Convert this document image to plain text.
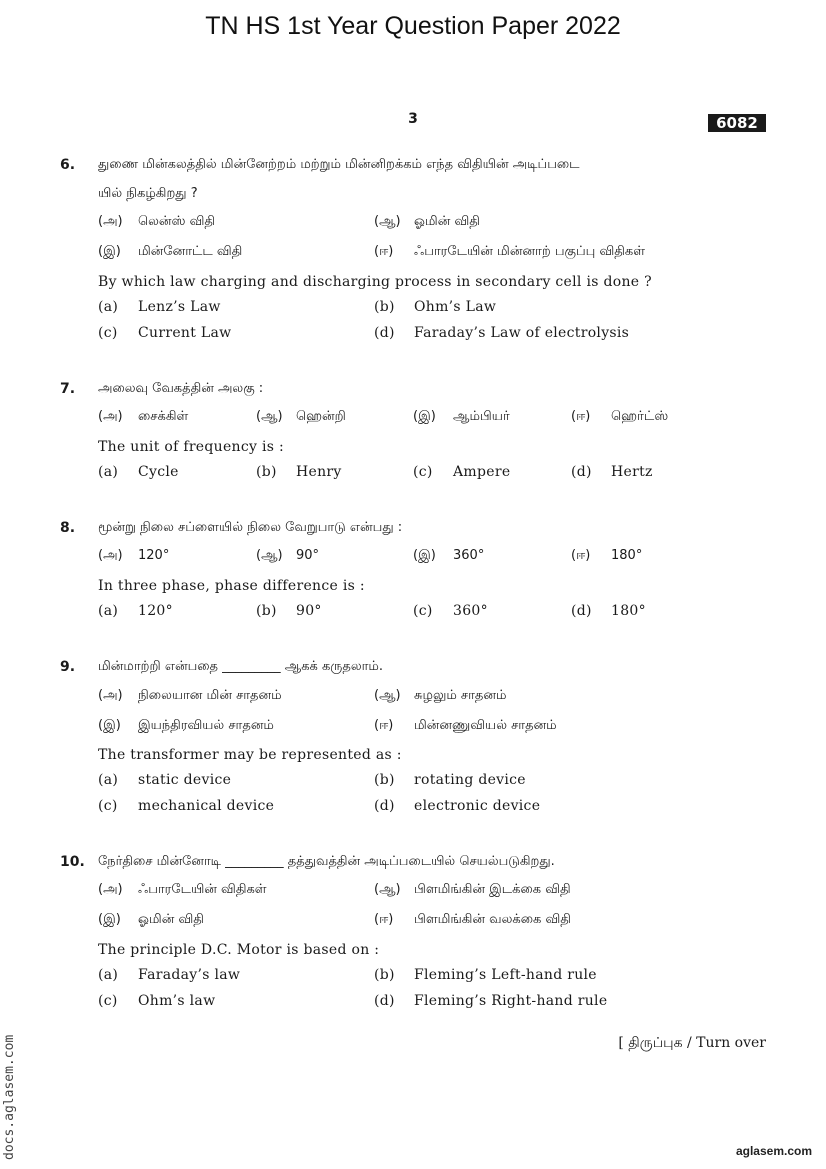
TN HS 1st Year Question Paper 2022
3	6082
6. துணை மின்கலத்தில் மின்னேற்றம் மற்றும் மின்னிறக்கம் எந்த விதியின் அடிப்படை
யில் நிகழ்கிறது ?
(அ) லென்ஸ் விதி	(ஆ) ஓமின் விதி
(இ) மின்னோட்ட விதி	(ஈ) ஃபாரடேயின் மின்னாற் பகுப்பு விதிகள்
By which law charging and discharging process in secondary cell is done ?
(a) Lenz’s Law	(b) Ohm’s Law
(c) Current Law	(d) Faraday’s Law of electrolysis
7. அலைவு வேகத்தின் அலகு :
(அ) சைக்கிள்	(ஆ) ஹென்றி	(இ) ஆம்பியர்	(ஈ) ஹெர்ட்ஸ்
The unit of frequency is :
(a) Cycle	(b) Henry	(c) Ampere	(d) Hertz
8. மூன்று நிலை சப்ளையில் நிலை வேறுபாடு என்பது :
(அ) 120°	(ஆ) 90°	(இ) 360°	(ஈ) 180°
In three phase, phase difference is :
(a) 120°	(b) 90°	(c) 360°	(d) 180°
9. மின்மாற்றி என்பதை _________ ஆகக் கருதலாம்.
(அ) நிலையான மின் சாதனம்	(ஆ) சுழலும் சாதனம்
(இ) இயந்திரவியல் சாதனம்	(ஈ) மின்னணுவியல் சாதனம்
The transformer may be represented as :
(a) static device	(b) rotating device
(c) mechanical device	(d) electronic device
10. நேர்திசை மின்னோடி _________ தத்துவத்தின் அடிப்படையில் செயல்படுகிறது.
(அ) ஃபாரடேயின் விதிகள்	(ஆ) பிளமிங்கின் இடக்கை விதி
(இ) ஓமின் விதி	(ஈ) பிளமிங்கின் வலக்கை விதி
The principle D.C. Motor is based on :
(a) Faraday’s law	(b) Fleming’s Left-hand rule
(c) Ohm’s law	(d) Fleming’s Right-hand rule
[ திருப்புக / Turn over
docs.aglasem.com	aglasem.com
